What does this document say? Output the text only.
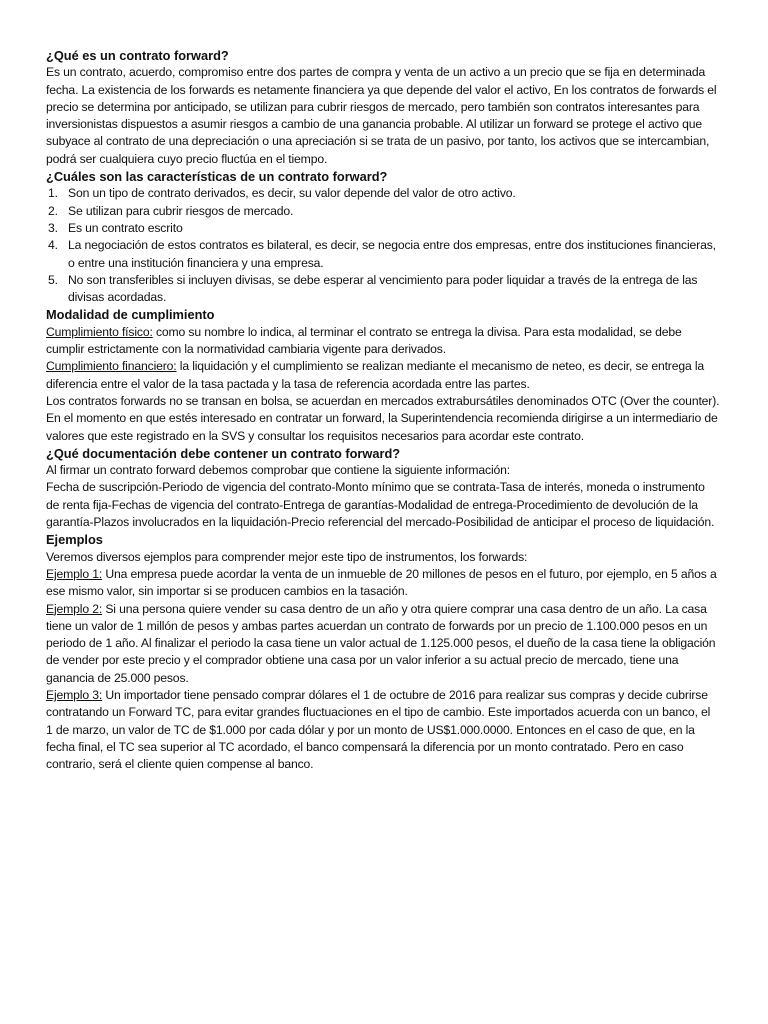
¿Qué es un contrato forward?

Es un contrato, acuerdo, compromiso entre dos partes de compra y venta de un activo a un precio que se fija en determinada fecha. La existencia de los forwards es netamente financiera ya que depende del valor el activo, En los contratos de forwards el precio se determina por anticipado, se utilizan para cubrir riesgos de mercado, pero también son contratos interesantes para inversionistas dispuestos a asumir riesgos a cambio de una ganancia probable. Al utilizar un forward se protege el activo que subyace al contrato de una depreciación o una apreciación si se trata de un pasivo, por tanto, los activos que se intercambian, podrá ser cualquiera cuyo precio fluctúa en el tiempo.

¿Cuáles son las características de un contrato forward?
1. Son un tipo de contrato derivados, es decir, su valor depende del valor de otro activo.
2. Se utilizan para cubrir riesgos de mercado.
3. Es un contrato escrito
4. La negociación de estos contratos es bilateral, es decir, se negocia entre dos empresas, entre dos instituciones financieras, o entre una institución financiera y una empresa.
5. No son transferibles si incluyen divisas, se debe esperar al vencimiento para poder liquidar a través de la entrega de las divisas acordadas.
Modalidad de cumplimiento

Cumplimiento físico: como su nombre lo indica, al terminar el contrato se entrega la divisa. Para esta modalidad, se debe cumplir estrictamente con la normatividad cambiaria vigente para derivados.

Cumplimiento financiero: la liquidación y el cumplimiento se realizan mediante el mecanismo de neteo, es decir, se entrega la diferencia entre el valor de la tasa pactada y la tasa de referencia acordada entre las partes.

Los contratos forwards no se transan en bolsa, se acuerdan en mercados extrabursátiles denominados OTC (Over the counter). En el momento en que estés interesado en contratar un forward, la Superintendencia recomienda dirigirse a un intermediario de valores que este registrado en la SVS y consultar los requisitos necesarios para acordar este contrato.

¿Qué documentación debe contener un contrato forward?

Al firmar un contrato forward debemos comprobar que contiene la siguiente información:

Fecha de suscripción-Periodo de vigencia del contrato-Monto mínimo que se contrata-Tasa de interés, moneda o instrumento de renta fija-Fechas de vigencia del contrato-Entrega de garantías-Modalidad de entrega-Procedimiento de devolución de la garantía-Plazos involucrados en la liquidación-Precio referencial del mercado-Posibilidad de anticipar el proceso de liquidación.

Ejemplos

Veremos diversos ejemplos para comprender mejor este tipo de instrumentos, los forwards:

Ejemplo 1: Una empresa puede acordar la venta de un inmueble de 20 millones de pesos en el futuro, por ejemplo, en 5 años a ese mismo valor, sin importar si se producen cambios en la tasación.

Ejemplo 2: Si una persona quiere vender su casa dentro de un año y otra quiere comprar una casa dentro de un año. La casa tiene un valor de 1 millón de pesos y ambas partes acuerdan un contrato de forwards por un precio de 1.100.000 pesos en un periodo de 1 año. Al finalizar el periodo la casa tiene un valor actual de 1.125.000 pesos, el dueño de la casa tiene la obligación de vender por este precio y el comprador obtiene una casa por un valor inferior a su actual precio de mercado, tiene una ganancia de 25.000 pesos.

Ejemplo 3: Un importador tiene pensado comprar dólares el 1 de octubre de 2016 para realizar sus compras y decide cubrirse contratando un Forward TC, para evitar grandes fluctuaciones en el tipo de cambio. Este importados acuerda con un banco, el 1 de marzo, un valor de TC de $1.000 por cada dólar y por un monto de US$1.000.0000. Entonces en el caso de que, en la fecha final, el TC sea superior al TC acordado, el banco compensará la diferencia por un monto contratado. Pero en caso contrario, será el cliente quien compense al banco.
